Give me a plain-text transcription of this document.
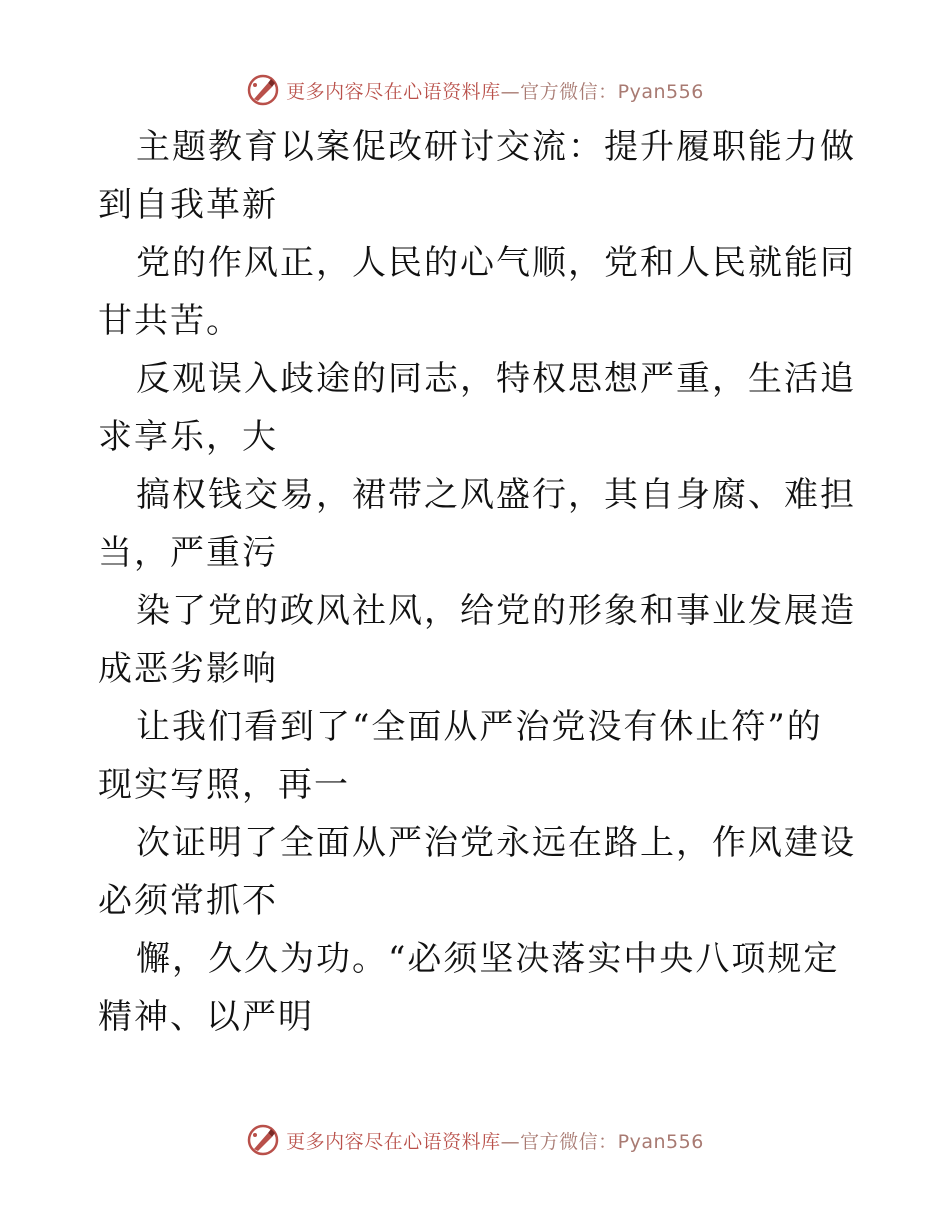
更多内容尽在心语资料库—官方微信：Pyan556

主题教育以案促改研讨交流：提升履职能力做到自我革新

党的作风正，人民的心气顺，党和人民就能同甘共苦。

反观误入歧途的同志，特权思想严重，生活追求享乐，大

搞权钱交易，裙带之风盛行，其自身腐、难担当，严重污

染了党的政风社风，给党的形象和事业发展造成恶劣影响

让我们看到了“全面从严治党没有休止符”的现实写照，再一

次证明了全面从严治党永远在路上，作风建设必须常抓不

懈，久久为功。“必须坚决落实中央八项规定精神、以严明

更多内容尽在心语资料库—官方微信：Pyan556
